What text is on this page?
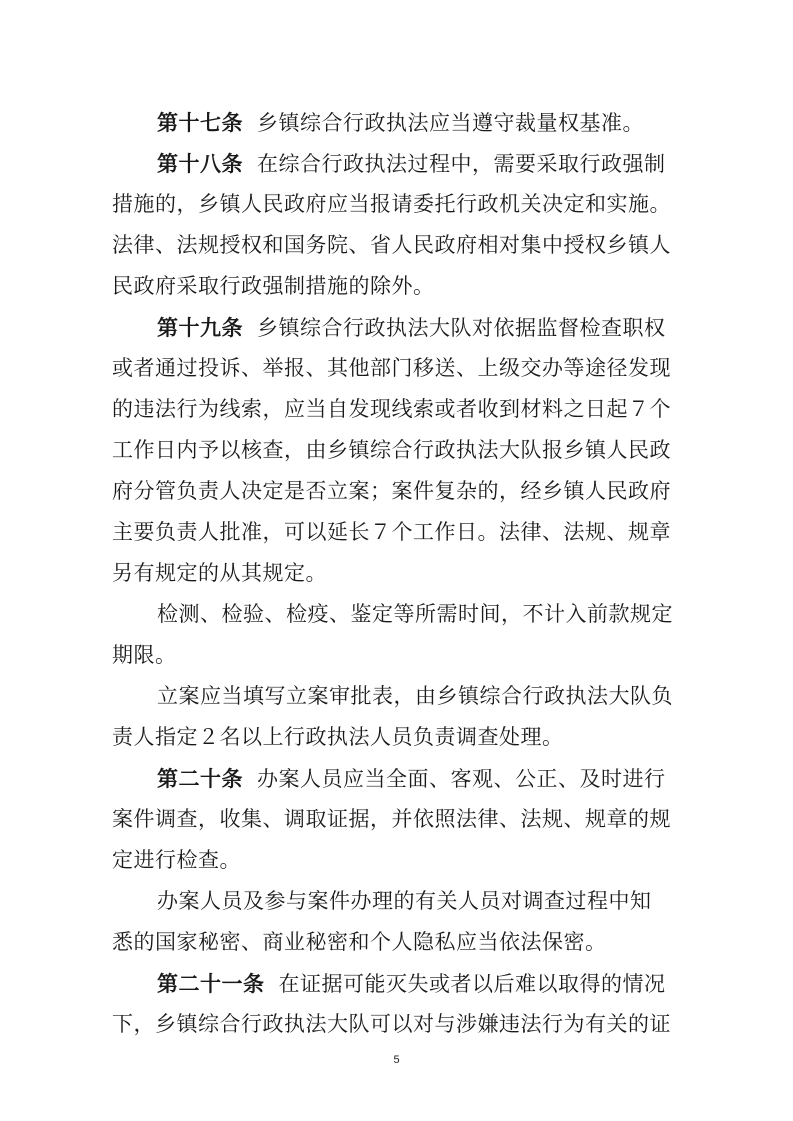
第十七条 乡镇综合行政执法应当遵守裁量权基准。
第十八条 在综合行政执法过程中，需要采取行政强制
措施的，乡镇人民政府应当报请委托行政机关决定和实施。
法律、法规授权和国务院、省人民政府相对集中授权乡镇人
民政府采取行政强制措施的除外。
第十九条 乡镇综合行政执法大队对依据监督检查职权
或者通过投诉、举报、其他部门移送、上级交办等途径发现
的违法行为线索，应当自发现线索或者收到材料之日起７个
工作日内予以核查，由乡镇综合行政执法大队报乡镇人民政
府分管负责人决定是否立案；案件复杂的，经乡镇人民政府
主要负责人批准，可以延长７个工作日。法律、法规、规章
另有规定的从其规定。
检测、检验、检疫、鉴定等所需时间，不计入前款规定
期限。
立案应当填写立案审批表，由乡镇综合行政执法大队负
责人指定２名以上行政执法人员负责调查处理。
第二十条 办案人员应当全面、客观、公正、及时进行
案件调查，收集、调取证据，并依照法律、法规、规章的规
定进行检查。
办案人员及参与案件办理的有关人员对调查过程中知
悉的国家秘密、商业秘密和个人隐私应当依法保密。
第二十一条 在证据可能灭失或者以后难以取得的情况
下，乡镇综合行政执法大队可以对与涉嫌违法行为有关的证
5
